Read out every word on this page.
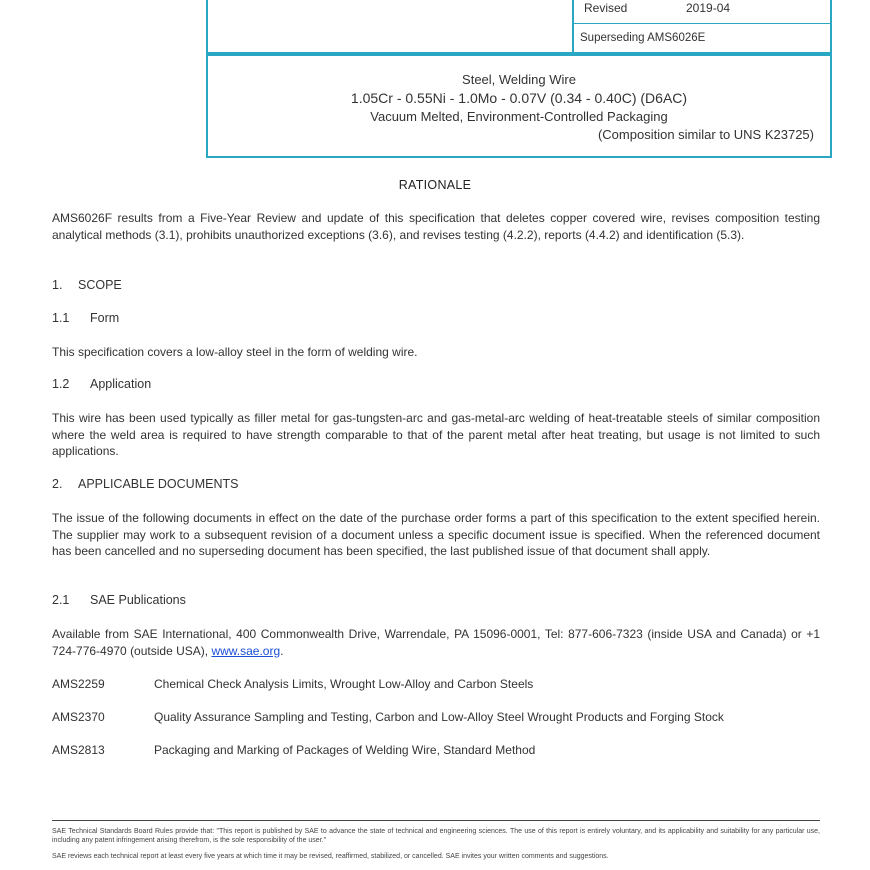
Revised	2019-04
Superseding AMS6026E
Steel, Welding Wire
1.05Cr - 0.55Ni - 1.0Mo - 0.07V (0.34 - 0.40C) (D6AC)
Vacuum Melted, Environment-Controlled Packaging
(Composition similar to UNS K23725)
RATIONALE
AMS6026F results from a Five-Year Review and update of this specification that deletes copper covered wire, revises composition testing analytical methods (3.1), prohibits unauthorized exceptions (3.6), and revises testing (4.2.2), reports (4.4.2) and identification (5.3).
1. SCOPE
1.1 Form
This specification covers a low-alloy steel in the form of welding wire.
1.2 Application
This wire has been used typically as filler metal for gas-tungsten-arc and gas-metal-arc welding of heat-treatable steels of similar composition where the weld area is required to have strength comparable to that of the parent metal after heat treating, but usage is not limited to such applications.
2. APPLICABLE DOCUMENTS
The issue of the following documents in effect on the date of the purchase order forms a part of this specification to the extent specified herein. The supplier may work to a subsequent revision of a document unless a specific document issue is specified. When the referenced document has been cancelled and no superseding document has been specified, the last published issue of that document shall apply.
2.1 SAE Publications
Available from SAE International, 400 Commonwealth Drive, Warrendale, PA 15096-0001, Tel: 877-606-7323 (inside USA and Canada) or +1 724-776-4970 (outside USA), www.sae.org.
AMS2259	Chemical Check Analysis Limits, Wrought Low-Alloy and Carbon Steels
AMS2370	Quality Assurance Sampling and Testing, Carbon and Low-Alloy Steel Wrought Products and Forging Stock
AMS2813	Packaging and Marking of Packages of Welding Wire, Standard Method
SAE Technical Standards Board Rules provide that: "This report is published by SAE to advance the state of technical and engineering sciences. The use of this report is entirely voluntary, and its applicability and suitability for any particular use, including any patent infringement arising therefrom, is the sole responsibility of the user."
SAE reviews each technical report at least every five years at which time it may be revised, reaffirmed, stabilized, or cancelled. SAE invites your written comments and suggestions.
